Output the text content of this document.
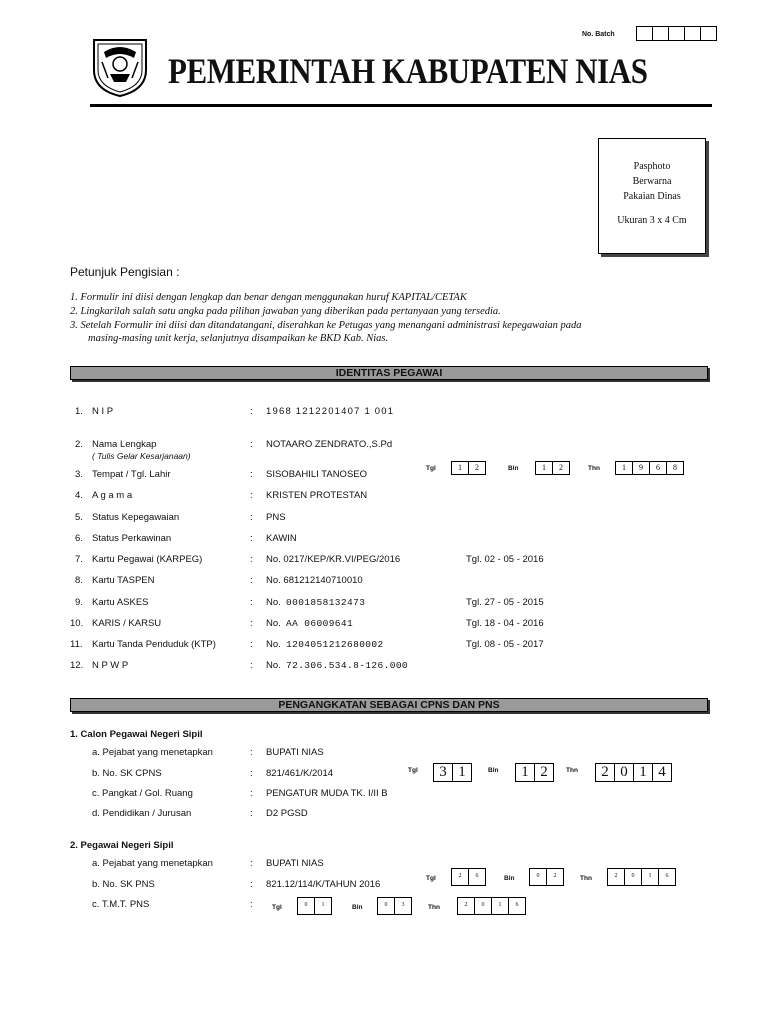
No. Batch
PEMERINTAH KABUPATEN NIAS
Pasphoto
Berwarna
Pakaian Dinas
Ukuran 3 x 4 Cm
Petunjuk Pengisian :
1. Formulir ini diisi dengan lengkap dan benar dengan menggunakan huruf KAPITAL/CETAK
2. Lingkarilah salah satu angka pada pilihan jawaban yang diberikan pada pertanyaan yang tersedia.
3. Setelah Formulir ini diisi dan ditandatangani, diserahkan ke Petugas yang menangani administrasi kepegawaian pada
masing-masing unit kerja, selanjutnya disampaikan ke BKD Kab. Nias.
IDENTITAS PEGAWAI
1. N I P	: 1968 1212201407 1 001
2. Nama Lengkap
( Tulis Gelar Kesarjanaan)
: NOTAARO ZENDRATO.,S.Pd
3. Tempat / Tgl. Lahir	: SISOBAHILI TANOSEO
Tgl	1	2	Bln	1	2	Thn	1	9	6	8
4. A g a m a	: KRISTEN PROTESTAN
5. Status Kepegawaian	: PNS
6. Status Perkawinan	: KAWIN
7. Kartu Pegawai (KARPEG)	: No. 0217/KEP/KR.VI/PEG/2016	Tgl. 02 - 05 - 2016
8. Kartu TASPEN	: No. 681212140710010
9. Kartu ASKES	: No. 0001858132473	Tgl. 27 - 05 - 2015
10. KARIS / KARSU	: No. AA 06009641	Tgl. 18 - 04 - 2016
11. Kartu Tanda Penduduk (KTP)	: No. 1204051212680002	Tgl. 08 - 05 - 2017
12. N P W P	: No. 72.306.534.8-126.000
PENGANGKATAN SEBAGAI CPNS DAN PNS
1. Calon Pegawai Negeri Sipil
a. Pejabat yang menetapkan	: BUPATI NIAS
b. No. SK CPNS	: 821/461/K/2014	Tgl	3 1	Bln	1 2	Thn	2 0 1 4
c. Pangkat / Gol. Ruang	: PENGATUR MUDA TK. I/II B
d. Pendidikan / Jurusan	: D2 PGSD
2. Pegawai Negeri Sipil
a. Pejabat yang menetapkan	: BUPATI NIAS
b. No. SK PNS	: 821.12/114/K/TAHUN 2016
Tgl	2	6	Bln	0	2	Thn	2	0	1	6
c. T.M.T. PNS	:	Tgl	0	1	Bln	0	3	Thn	2	0	1	6
